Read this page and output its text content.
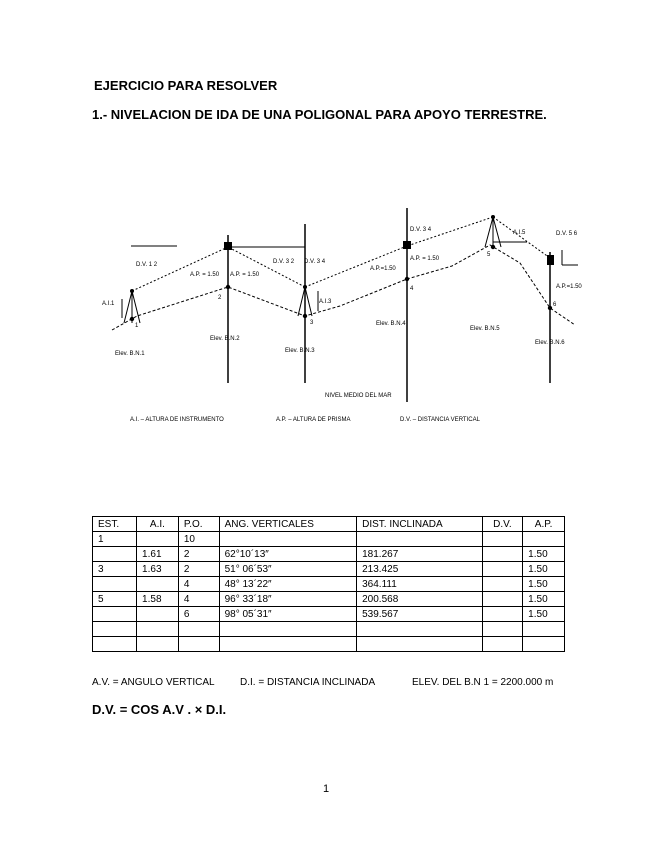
EJERCICIO PARA RESOLVER

1.- NIVELACION DE IDA DE UNA POLIGONAL PARA APOYO TERRESTRE.

D.V. 1 2	D.V. 3 2 D.V. 3 4
D.V. 3 4
D.V. 5 6
A.I.1	A.I.3
A.I.5
A.P. = 1.50 A.P. = 1.50
A.P.=1.50
A.P. = 1.50
A.P.=1.50
Elev. B.N.1
Elev. B.N.2
Elev. B.N.3
Elev. B.N.4
Elev. B.N.5
Elev. B.N.6
1
2
3
4
5
6
NIVEL MEDIO DEL MAR
A.I. – ALTURA DE INSTRUMENTO	A.P. – ALTURA DE PRISMA	D.V. – DISTANCIA VERTICAL
EST.	A.I.	P.O.	ANG. VERTICALES	DIST. INCLINADA	D.V.	A.P.
1		10				
	1.61	2	62°10´13″	181.267		1.50
3	1.63	2	51° 06´53″	213.425		1.50
		4	48° 13´22″	364.111		1.50
5	1.58	4	96° 33´18″	200.568		1.50
		6	98° 05´31″	539.567		1.50

A.V. = ANGULO VERTICAL	D.I. = DISTANCIA INCLINADA	ELEV. DEL B.N 1 = 2200.000 m

D.V. = COS A.V . × D.I.

1
